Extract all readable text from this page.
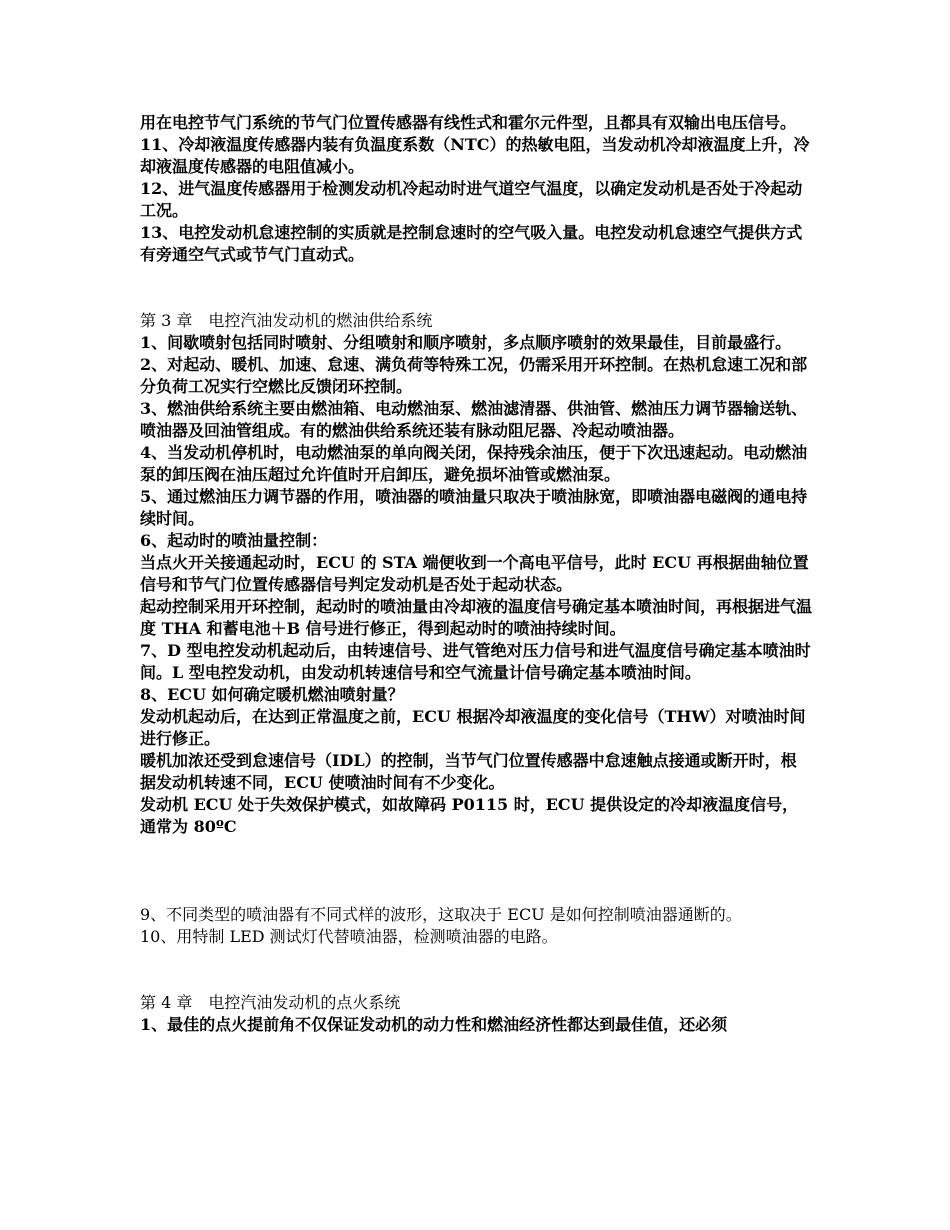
用在电控节气门系统的节气门位置传感器有线性式和霍尔元件型，且都具有双输出电压信号。

11、冷却液温度传感器内装有负温度系数（NTC）的热敏电阻，当发动机冷却液温度上升，冷却液温度传感器的电阻值减小。

12、进气温度传感器用于检测发动机冷起动时进气道空气温度，以确定发动机是否处于冷起动工况。

13、电控发动机怠速控制的实质就是控制怠速时的空气吸入量。电控发动机怠速空气提供方式有旁通空气式或节气门直动式。

第 3 章　电控汽油发动机的燃油供给系统

1、间歇喷射包括同时喷射、分组喷射和顺序喷射，多点顺序喷射的效果最佳，目前最盛行。

2、对起动、暖机、加速、怠速、满负荷等特殊工况，仍需采用开环控制。在热机怠速工况和部分负荷工况实行空燃比反馈闭环控制。

3、燃油供给系统主要由燃油箱、电动燃油泵、燃油滤清器、供油管、燃油压力调节器输送轨、喷油器及回油管组成。有的燃油供给系统还装有脉动阻尼器、冷起动喷油器。

4、当发动机停机时，电动燃油泵的单向阀关闭，保持残余油压，便于下次迅速起动。电动燃油泵的卸压阀在油压超过允许值时开启卸压，避免损坏油管或燃油泵。

5、通过燃油压力调节器的作用，喷油器的喷油量只取决于喷油脉宽，即喷油器电磁阀的通电持续时间。

6、起动时的喷油量控制：

当点火开关接通起动时，ECU 的 STA 端便收到一个高电平信号，此时 ECU 再根据曲轴位置信号和节气门位置传感器信号判定发动机是否处于起动状态。

起动控制采用开环控制，起动时的喷油量由冷却液的温度信号确定基本喷油时间，再根据进气温度 THA 和蓄电池＋B 信号进行修正，得到起动时的喷油持续时间。

7、D 型电控发动机起动后，由转速信号、进气管绝对压力信号和进气温度信号确定基本喷油时间。L 型电控发动机，由发动机转速信号和空气流量计信号确定基本喷油时间。

8、ECU 如何确定暖机燃油喷射量？

发动机起动后，在达到正常温度之前，ECU 根据冷却液温度的变化信号（THW）对喷油时间进行修正。

暖机加浓还受到怠速信号（IDL）的控制，当节气门位置传感器中怠速触点接通或断开时，根据发动机转速不同，ECU 使喷油时间有不少变化。

发动机 ECU 处于失效保护模式，如故障码 P0115 时，ECU 提供设定的冷却液温度信号，通常为 80ºC

9、不同类型的喷油器有不同式样的波形，这取决于 ECU 是如何控制喷油器通断的。

10、用特制 LED 测试灯代替喷油器，检测喷油器的电路。

第 4 章　电控汽油发动机的点火系统

1、最佳的点火提前角不仅保证发动机的动力性和燃油经济性都达到最佳值，还必须
